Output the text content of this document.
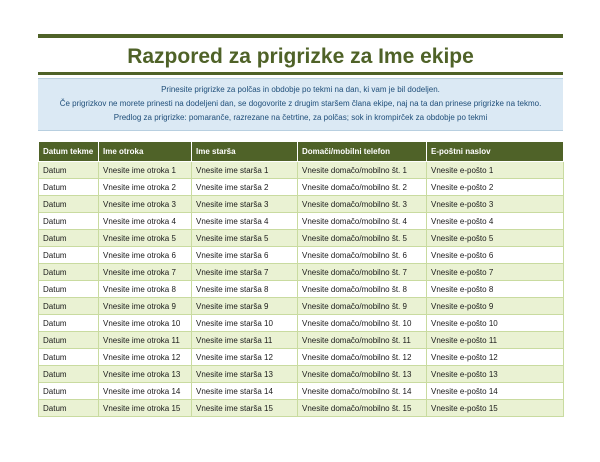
Razpored za prigrizke za Ime ekipe
Prinesite prigrizke za polčas in obdobje po tekmi na dan, ki vam je bil dodeljen.
Če prigrizkov ne morete prinesti na dodeljeni dan, se dogovorite z drugim staršem člana ekipe, naj na ta dan prinese prigrizke na tekmo.
Predlog za prigrizke: pomaranče, razrezane na četrtine, za polčas; sok in krompirček za obdobje po tekmi
Datum tekme	Ime otroka	Ime starša	Domači/mobilni telefon	E-poštni naslov
Datum	Vnesite ime otroka 1	Vnesite ime starša 1	Vnesite domačo/mobilno št. 1	Vnesite e-pošto 1
Datum	Vnesite ime otroka 2	Vnesite ime starša 2	Vnesite domačo/mobilno št. 2	Vnesite e-pošto 2
Datum	Vnesite ime otroka 3	Vnesite ime starša 3	Vnesite domačo/mobilno št. 3	Vnesite e-pošto 3
Datum	Vnesite ime otroka 4	Vnesite ime starša 4	Vnesite domačo/mobilno št. 4	Vnesite e-pošto 4
Datum	Vnesite ime otroka 5	Vnesite ime starša 5	Vnesite domačo/mobilno št. 5	Vnesite e-pošto 5
Datum	Vnesite ime otroka 6	Vnesite ime starša 6	Vnesite domačo/mobilno št. 6	Vnesite e-pošto 6
Datum	Vnesite ime otroka 7	Vnesite ime starša 7	Vnesite domačo/mobilno št. 7	Vnesite e-pošto 7
Datum	Vnesite ime otroka 8	Vnesite ime starša 8	Vnesite domačo/mobilno št. 8	Vnesite e-pošto 8
Datum	Vnesite ime otroka 9	Vnesite ime starša 9	Vnesite domačo/mobilno št. 9	Vnesite e-pošto 9
Datum	Vnesite ime otroka 10	Vnesite ime starša 10	Vnesite domačo/mobilno št. 10	Vnesite e-pošto 10
Datum	Vnesite ime otroka 11	Vnesite ime starša 11	Vnesite domačo/mobilno št. 11	Vnesite e-pošto 11
Datum	Vnesite ime otroka 12	Vnesite ime starša 12	Vnesite domačo/mobilno št. 12	Vnesite e-pošto 12
Datum	Vnesite ime otroka 13	Vnesite ime starša 13	Vnesite domačo/mobilno št. 13	Vnesite e-pošto 13
Datum	Vnesite ime otroka 14	Vnesite ime starša 14	Vnesite domačo/mobilno št. 14	Vnesite e-pošto 14
Datum	Vnesite ime otroka 15	Vnesite ime starša 15	Vnesite domačo/mobilno št. 15	Vnesite e-pošto 15
